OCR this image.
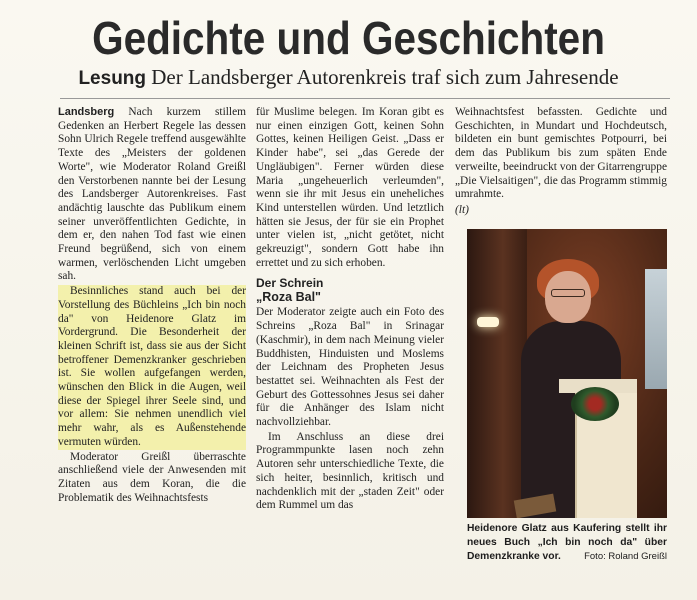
Gedichte und Geschichten
Lesung Der Landsberger Autorenkreis traf sich zum Jahresende

Landsberg Nach kurzem stillem Gedenken an Herbert Regele las dessen Sohn Ulrich Regele treffend ausgewählte Texte des „Meisters der goldenen Worte", wie Moderator Roland Greißl den Verstorbenen nannte bei der Lesung des Landsberger Autorenkreises. Fast andächtig lauschte das Publikum einem seiner unveröffentlichten Gedichte, in dem er, den nahen Tod fast wie einen Freund begrüßend, sich von einem warmen, verlöschenden Licht umgeben sah.

Besinnliches stand auch bei der Vorstellung des Büchleins „Ich bin noch da" von Heidenore Glatz im Vordergrund. Die Besonderheit der kleinen Schrift ist, dass sie aus der Sicht betroffener Demenzkranker geschrieben ist. Sie wollen aufgefangen werden, wünschen den Blick in die Augen, weil diese der Spiegel ihrer Seele sind, und vor allem: Sie nehmen unendlich viel mehr wahr, als es Außenstehende vermuten würden.

Moderator Greißl überraschte anschließend viele der Anwesenden mit Zitaten aus dem Koran, die die Problematik des Weihnachtsfests

für Muslime belegen. Im Koran gibt es nur einen einzigen Gott, keinen Sohn Gottes, keinen Heiligen Geist. „Dass er Kinder habe", sei „das Gerede der Ungläubigen". Ferner würden diese Maria „ungeheuerlich verleumden", wenn sie ihr mit Jesus ein uneheliches Kind unterstellen würden. Und letztlich hätten sie Jesus, der für sie ein Prophet unter vielen ist, „nicht getötet, nicht gekreuzigt", sondern Gott habe ihn errettet und zu sich erhoben.

Der Schrein
„Roza Bal"

Der Moderator zeigte auch ein Foto des Schreins „Roza Bal" in Srinagar (Kaschmir), in dem nach Meinung vieler Buddhisten, Hinduisten und Moslems der Leichnam des Propheten Jesus bestattet sei. Weihnachten als Fest der Geburt des Gottessohnes Jesus sei daher für die Anhänger des Islam nicht nachvollziehbar.

Im Anschluss an diese drei Programmpunkte lasen noch zehn Autoren sehr unterschiedliche Texte, die sich heiter, besinnlich, kritisch und nachdenklich mit der „staden Zeit" oder dem Rummel um das

Weihnachtsfest befassten. Gedichte und Geschichten, in Mundart und Hochdeutsch, bildeten ein bunt gemischtes Potpourri, bei dem das Publikum bis zum späten Ende verweilte, beeindruckt von der Gitarrengruppe „Die Vielsaitigen", die das Programm stimmig umrahmte.

(lt)

Heidenore Glatz aus Kaufering stellt ihr neues Buch „Ich bin noch da" über Demenzkranke vor. Foto: Roland Greißl
